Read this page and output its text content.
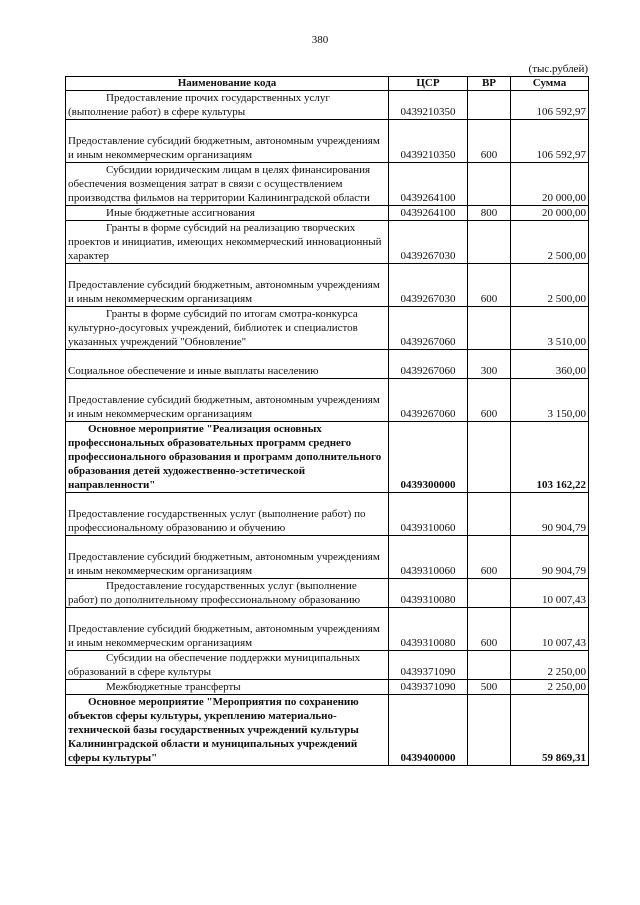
380
(тыс.рублей)
Наименование кода	ЦСР	ВР	Сумма
Предоставление прочих государственных услуг (выполнение работ) в сфере культуры	0439210350		106 592,97
Предоставление субсидий бюджетным, автономным учреждениям и иным некоммерческим организациям	0439210350	600	106 592,97
Субсидии юридическим лицам в целях финансирования обеспечения возмещения затрат в связи с осуществлением производства фильмов на территории Калининградской области	0439264100		20 000,00
Иные бюджетные ассигнования	0439264100	800	20 000,00
Гранты в форме субсидий на реализацию творческих проектов и инициатив, имеющих некоммерческий инновационный характер	0439267030		2 500,00
Предоставление субсидий бюджетным, автономным учреждениям и иным некоммерческим организациям	0439267030	600	2 500,00
Гранты в форме субсидий по итогам смотра-конкурса культурно-досуговых учреждений, библиотек и специалистов указанных учреждений "Обновление"	0439267060		3 510,00
Социальное обеспечение и иные выплаты населению	0439267060	300	360,00
Предоставление субсидий бюджетным, автономным учреждениям и иным некоммерческим организациям	0439267060	600	3 150,00
Основное мероприятие "Реализация основных профессиональных образовательных программ среднего профессионального образования и программ дополнительного образования детей художественно-эстетической направленности"	0439300000		103 162,22
Предоставление государственных услуг (выполнение работ) по профессиональному образованию и обучению	0439310060		90 904,79
Предоставление субсидий бюджетным, автономным учреждениям и иным некоммерческим организациям	0439310060	600	90 904,79
Предоставление государственных услуг (выполнение работ) по дополнительному профессиональному образованию	0439310080		10 007,43
Предоставление субсидий бюджетным, автономным учреждениям и иным некоммерческим организациям	0439310080	600	10 007,43
Субсидии на обеспечение поддержки муниципальных образований в сфере культуры	0439371090		2 250,00
Межбюджетные трансферты	0439371090	500	2 250,00
Основное мероприятие "Мероприятия по сохранению объектов сферы культуры, укреплению материально-технической базы государственных учреждений культуры Калининградской области и муниципальных учреждений сферы культуры"	0439400000		59 869,31
